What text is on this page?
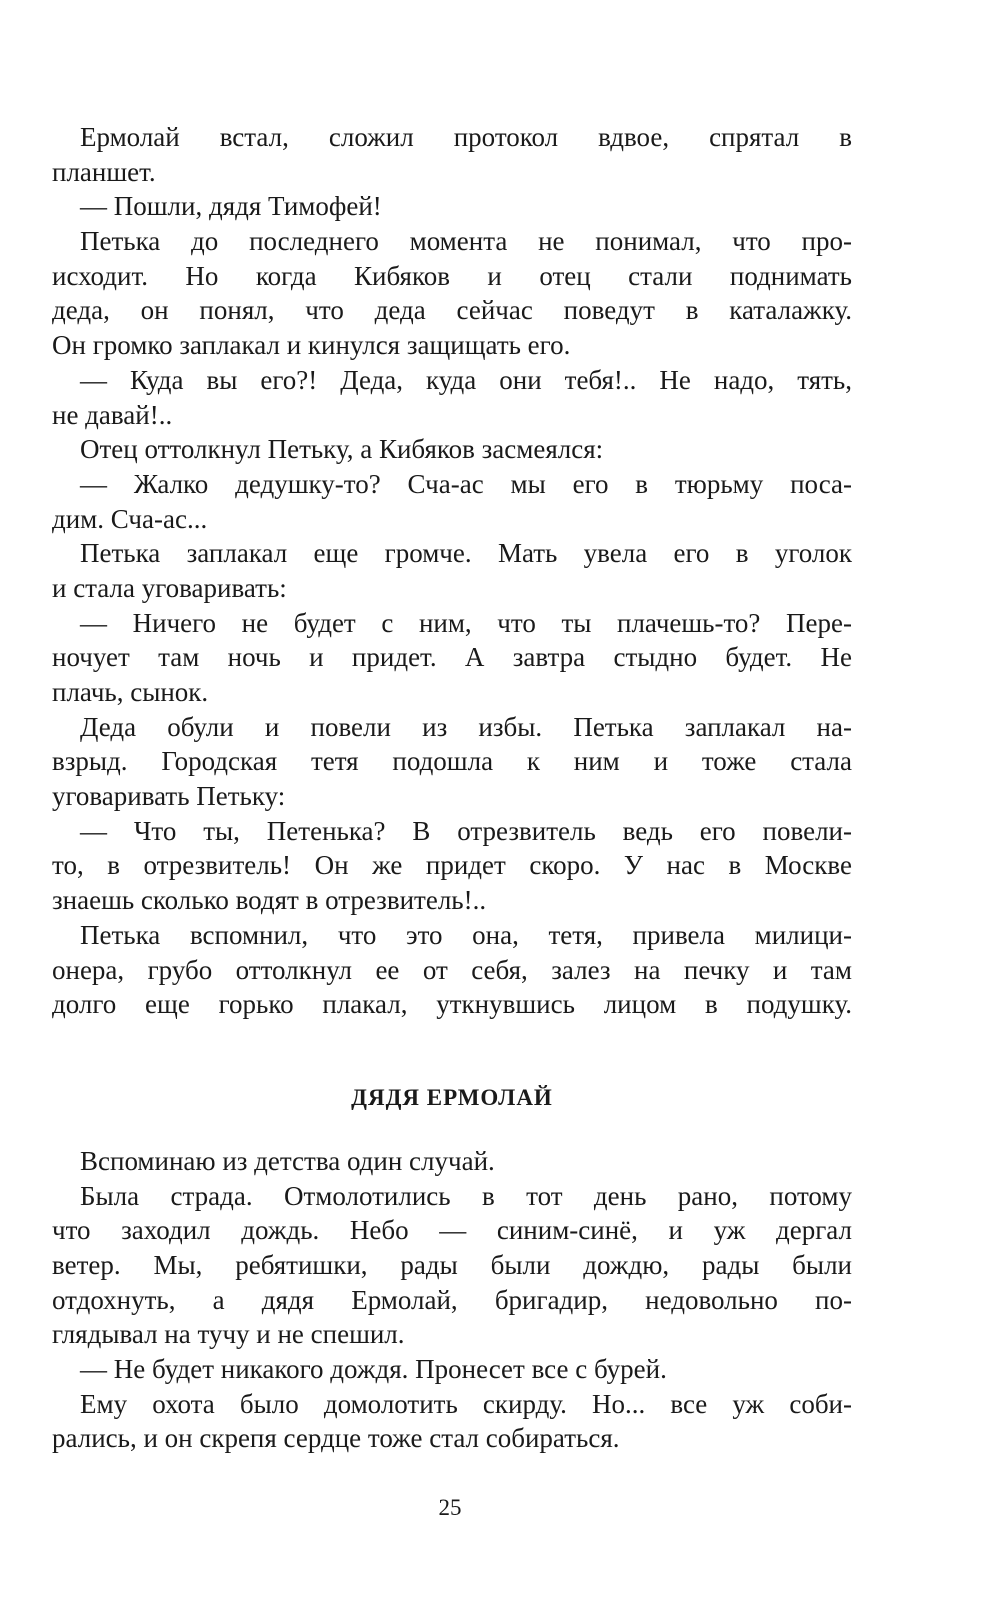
Ермолай встал, сложил протокол вдвое, спрятал в
планшет.
— Пошли, дядя Тимофей!
Петька до последнего момента не понимал, что про-
исходит. Но когда Кибяков и отец стали поднимать
деда, он понял, что деда сейчас поведут в каталажку.
Он громко заплакал и кинулся защищать его.
— Куда вы его?! Деда, куда они тебя!.. Не надо, тять,
не давай!..
Отец оттолкнул Петьку, а Кибяков засмеялся:
— Жалко дедушку-то? Сча-ас мы его в тюрьму поса-
дим. Сча-ас...
Петька заплакал еще громче. Мать увела его в уголок
и стала уговаривать:
— Ничего не будет с ним, что ты плачешь-то? Пере-
ночует там ночь и придет. А завтра стыдно будет. Не
плачь, сынок.
Деда обули и повели из избы. Петька заплакал на-
взрыд. Городская тетя подошла к ним и тоже стала
уговаривать Петьку:
— Что ты, Петенька? В отрезвитель ведь его повели-
то, в отрезвитель! Он же придет скоро. У нас в Москве
знаешь сколько водят в отрезвитель!..
Петька вспомнил, что это она, тетя, привела милици-
онера, грубо оттолкнул ее от себя, залез на печку и там
долго еще горько плакал, уткнувшись лицом в подушку.
ДЯДЯ ЕРМОЛАЙ
Вспоминаю из детства один случай.
Была страда. Отмолотились в тот день рано, потому
что заходил дождь. Небо — синим-синё, и уж дергал
ветер. Мы, ребятишки, рады были дождю, рады были
отдохнуть, а дядя Ермолай, бригадир, недовольно по-
глядывал на тучу и не спешил.
— Не будет никакого дождя. Пронесет все с бурей.
Ему охота было домолотить скирду. Но... все уж соби-
рались, и он скрепя сердце тоже стал собираться.
25
